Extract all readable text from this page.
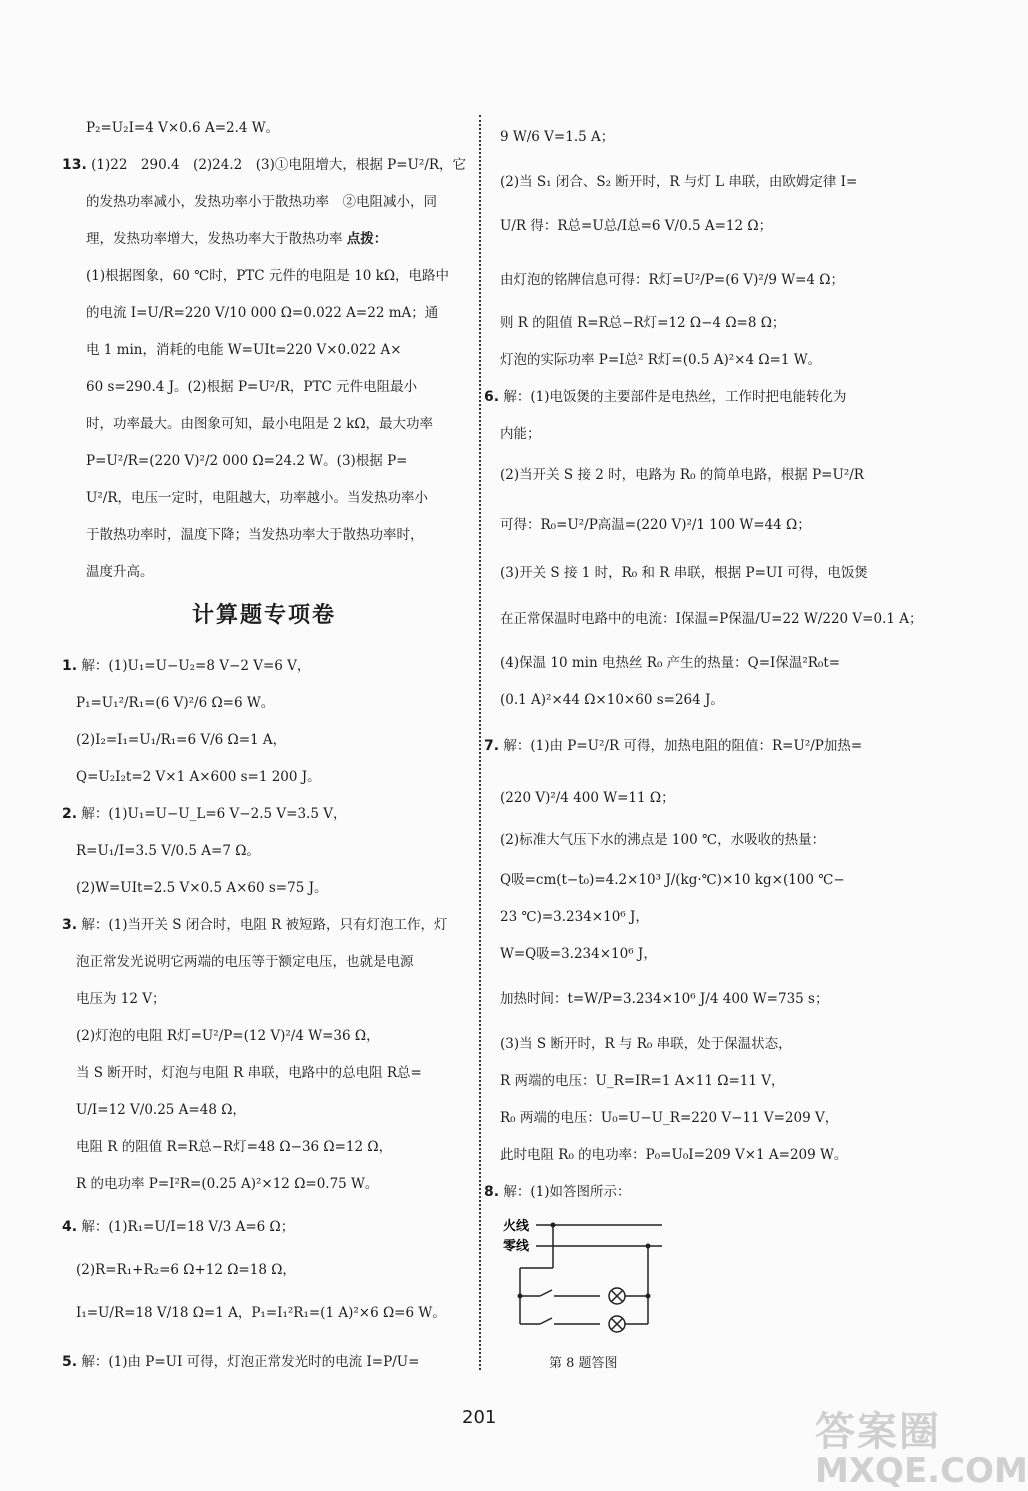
P₂=U₂I=4 V×0.6 A=2.4 W。
13. (1)22　290.4　(2)24.2　(3)①电阻增大，根据 P=U²/R，它
的发热功率减小，发热功率小于散热功率　②电阻减小，同
理，发热功率增大，发热功率大于散热功率 点拨：
(1)根据图象，60 ℃时，PTC 元件的电阻是 10 kΩ，电路中
的电流 I=U/R=220 V/10 000 Ω=0.022 A=22 mA；通
电 1 min，消耗的电能 W=UIt=220 V×0.022 A×
60 s=290.4 J。(2)根据 P=U²/R，PTC 元件电阻最小
时，功率最大。由图象可知，最小电阻是 2 kΩ，最大功率
P=U²/R=(220 V)²/2 000 Ω=24.2 W。(3)根据 P=
U²/R，电压一定时，电阻越大，功率越小。当发热功率小
于散热功率时，温度下降；当发热功率大于散热功率时，
温度升高。
1. 解：(1)U₁=U−U₂=8 V−2 V=6 V，
P₁=U₁²/R₁=(6 V)²/6 Ω=6 W。
(2)I₂=I₁=U₁/R₁=6 V/6 Ω=1 A，
Q=U₂I₂t=2 V×1 A×600 s=1 200 J。
2. 解：(1)U₁=U−U_L=6 V−2.5 V=3.5 V，
R=U₁/I=3.5 V/0.5 A=7 Ω。
(2)W=UIt=2.5 V×0.5 A×60 s=75 J。
3. 解：(1)当开关 S 闭合时，电阻 R 被短路，只有灯泡工作，灯
泡正常发光说明它两端的电压等于额定电压，也就是电源
电压为 12 V；
(2)灯泡的电阻 R灯=U²/P=(12 V)²/4 W=36 Ω，
当 S 断开时，灯泡与电阻 R 串联，电路中的总电阻 R总=
U/I=12 V/0.25 A=48 Ω，
电阻 R 的阻值 R=R总−R灯=48 Ω−36 Ω=12 Ω，
R 的电功率 P=I²R=(0.25 A)²×12 Ω=0.75 W。
4. 解：(1)R₁=U/I=18 V/3 A=6 Ω；
(2)R=R₁+R₂=6 Ω+12 Ω=18 Ω，
I₁=U/R=18 V/18 Ω=1 A，P₁=I₁²R₁=(1 A)²×6 Ω=6 W。
5. 解：(1)由 P=UI 可得，灯泡正常发光时的电流 I=P/U=
9 W/6 V=1.5 A；
(2)当 S₁ 闭合、S₂ 断开时，R 与灯 L 串联，由欧姆定律 I=
U/R 得：R总=U总/I总=6 V/0.5 A=12 Ω；
由灯泡的铭牌信息可得：R灯=U²/P=(6 V)²/9 W=4 Ω；
则 R 的阻值 R=R总−R灯=12 Ω−4 Ω=8 Ω；
灯泡的实际功率 P=I总² R灯=(0.5 A)²×4 Ω=1 W。
6. 解：(1)电饭煲的主要部件是电热丝，工作时把电能转化为
内能；
(2)当开关 S 接 2 时，电路为 R₀ 的简单电路，根据 P=U²/R
可得：R₀=U²/P高温=(220 V)²/1 100 W=44 Ω；
(3)开关 S 接 1 时，R₀ 和 R 串联，根据 P=UI 可得，电饭煲
在正常保温时电路中的电流：I保温=P保温/U=22 W/220 V=0.1 A；
(4)保温 10 min 电热丝 R₀ 产生的热量：Q=I保温²R₀t=
(0.1 A)²×44 Ω×10×60 s=264 J。
7. 解：(1)由 P=U²/R 可得，加热电阻的阻值：R=U²/P加热=
(220 V)²/4 400 W=11 Ω；
(2)标准大气压下水的沸点是 100 ℃，水吸收的热量：
Q吸=cm(t−t₀)=4.2×10³ J/(kg·℃)×10 kg×(100 ℃−
23 ℃)=3.234×10⁶ J，
W=Q吸=3.234×10⁶ J，
加热时间：t=W/P=3.234×10⁶ J/4 400 W=735 s；
(3)当 S 断开时，R 与 R₀ 串联，处于保温状态，
R 两端的电压：U_R=IR=1 A×11 Ω=11 V，
R₀ 两端的电压：U₀=U−U_R=220 V−11 V=209 V，
此时电阻 R₀ 的电功率：P₀=U₀I=209 V×1 A=209 W。
8. 解：(1)如答图所示：
计算题专项卷
火线
零线
第 8 题答图
201	答案圈
MXQE.COM
